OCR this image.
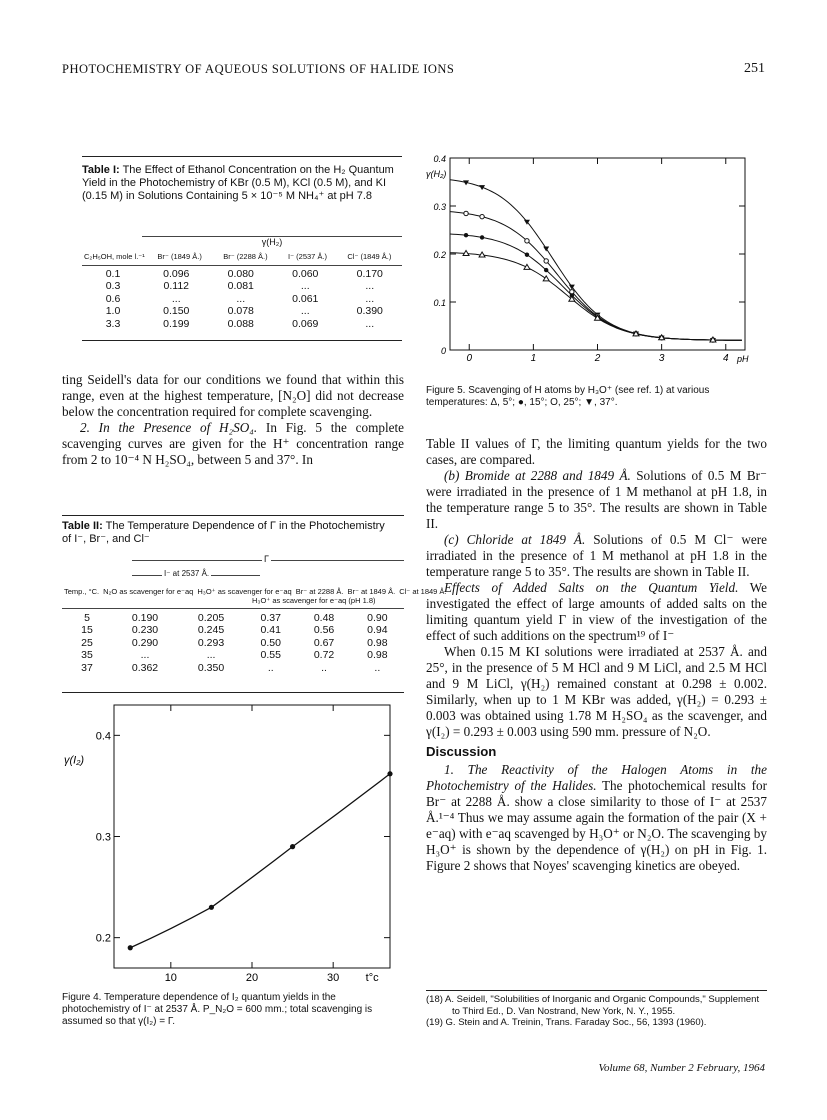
PHOTOCHEMISTRY OF AQUEOUS SOLUTIONS OF HALIDE IONS	251
Table I: The Effect of Ethanol Concentration on the H₂ Quantum Yield in the Photochemistry of KBr (0.5 M), KCl (0.5 M), and KI (0.15 M) in Solutions Containing 5 × 10⁻⁵ M NH₄⁺ at pH 7.8
γ(H₂)
C₂H₅OH, mole l.⁻¹	Br⁻ (1849 Å.)	Br⁻ (2288 Å.)	I⁻ (2537 Å.)	Cl⁻ (1849 Å.)
0.1	0.096	0.080	0.060	0.170
0.3	0.112	0.081	...	...
0.6	...	...	0.061	...
1.0	0.150	0.078	...	0.390
3.3	0.199	0.088	0.069	...

ting Seidell's data for our conditions we found that within this range, even at the highest temperature, [N₂O] did not decrease below the concentration required for complete scavenging.

2. In the Presence of H₂SO₄. In Fig. 5 the complete scavenging curves are given for the H⁺ concentration range from 2 to 10⁻⁴ N H₂SO₄, between 5 and 37°. In

Table II: The Temperature Dependence of Γ in the Photochemistry of I⁻, Br⁻, and Cl⁻
Γ
I⁻ at 2537 Å.
Temp., °C.	N₂O as scavenger for e⁻aq	H₃O⁺ as scavenger for e⁻aq	Br⁻ at 2288 Å.	Br⁻ at 1849 Å.	Cl⁻ at 1849 Å.
H₃O⁺ as scavenger for e⁻aq (pH 1.8)
5	0.190	0.205	0.37	0.48	0.90
15	0.230	0.245	0.41	0.56	0.94
25	0.290	0.293	0.50	0.67	0.98
35	...	...	0.55	0.72	0.98
37	0.362	0.350	..	..	..
10	20	30
0.4
0.3
0.2
γ(I₂)
t°c
Figure 4. Temperature dependence of I₂ quantum yields in the photochemistry of I⁻ at 2537 Å. P_N₂O = 600 mm.; total scavenging is assumed so that γ(I₂) = Γ.
0	1	2	3	4
0.4
0.3
0.2
0.1
0
γ(H₂)
pH
Figure 5. Scavenging of H atoms by H₃O⁺ (see ref. 1) at various temperatures: Δ, 5°; ●, 15°; O, 25°; ▼, 37°.

Table II values of Γ, the limiting quantum yields for the two cases, are compared.

(b) Bromide at 2288 and 1849 Å. Solutions of 0.5 M Br⁻ were irradiated in the presence of 1 M methanol at pH 1.8, in the temperature range 5 to 35°. The results are shown in Table II.

(c) Chloride at 1849 Å. Solutions of 0.5 M Cl⁻ were irradiated in the presence of 1 M methanol at pH 1.8 in the temperature range 5 to 35°. The results are shown in Table II.

Effects of Added Salts on the Quantum Yield. We investigated the effect of large amounts of added salts on the limiting quantum yield Γ in view of the investigation of the effect of such additions on the spectrum¹⁹ of I⁻

When 0.15 M KI solutions were irradiated at 2537 Å. and 25°, in the presence of 5 M HCl and 9 M LiCl, and 2.5 M HCl and 9 M LiCl, γ(H₂) remained constant at 0.298 ± 0.002. Similarly, when up to 1 M KBr was added, γ(H₂) = 0.293 ± 0.003 was obtained using 1.78 M H₂SO₄ as the scavenger, and γ(I₂) = 0.293 ± 0.003 using 590 mm. pressure of N₂O.

Discussion

1. The Reactivity of the Halogen Atoms in the Photochemistry of the Halides. The photochemical results for Br⁻ at 2288 Å. show a close similarity to those of I⁻ at 2537 Å.¹⁻⁴ Thus we may assume again the formation of the pair (X + e⁻aq) with e⁻aq scavenged by H₃O⁺ or N₂O. The scavenging by H₃O⁺ is shown by the dependence of γ(H₂) on pH in Fig. 1. Figure 2 shows that Noyes' scavenging kinetics are obeyed.

(18) A. Seidell, "Solubilities of Inorganic and Organic Compounds," Supplement to Third Ed., D. Van Nostrand, New York, N. Y., 1955.
(19) G. Stein and A. Treinin, Trans. Faraday Soc., 56, 1393 (1960).
Volume 68, Number 2 February, 1964
